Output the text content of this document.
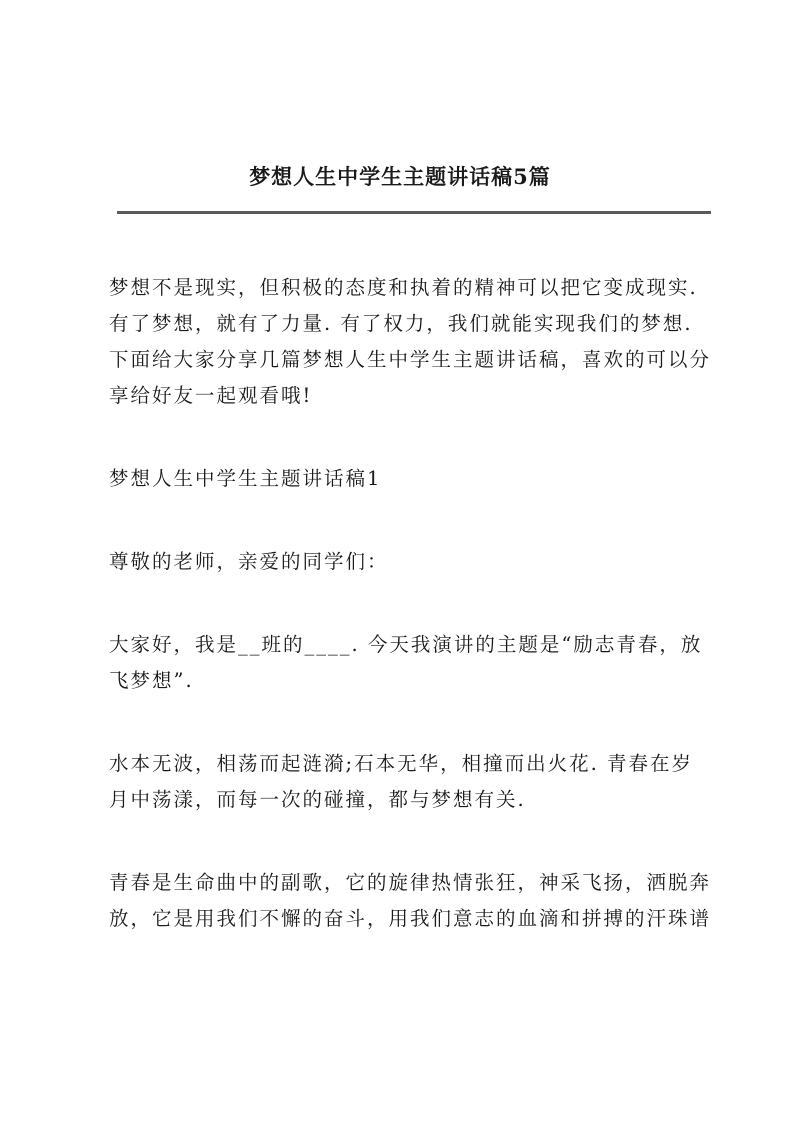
梦想人生中学生主题讲话稿5篇

梦想不是现实，但积极的态度和执着的精神可以把它变成现实.
有了梦想，就有了力量. 有了权力，我们就能实现我们的梦想.
下面给大家分享几篇梦想人生中学生主题讲话稿，喜欢的可以分
享给好友一起观看哦!

梦想人生中学生主题讲话稿1

尊敬的老师，亲爱的同学们：

大家好，我是__班的____. 今天我演讲的主题是“励志青春，放
飞梦想”.

水本无波，相荡而起涟漪;石本无华，相撞而出火花. 青春在岁
月中荡漾，而每一次的碰撞，都与梦想有关.

青春是生命曲中的副歌，它的旋律热情张狂，神采飞扬，洒脱奔
放，它是用我们不懈的奋斗，用我们意志的血滴和拼搏的汗珠谱
